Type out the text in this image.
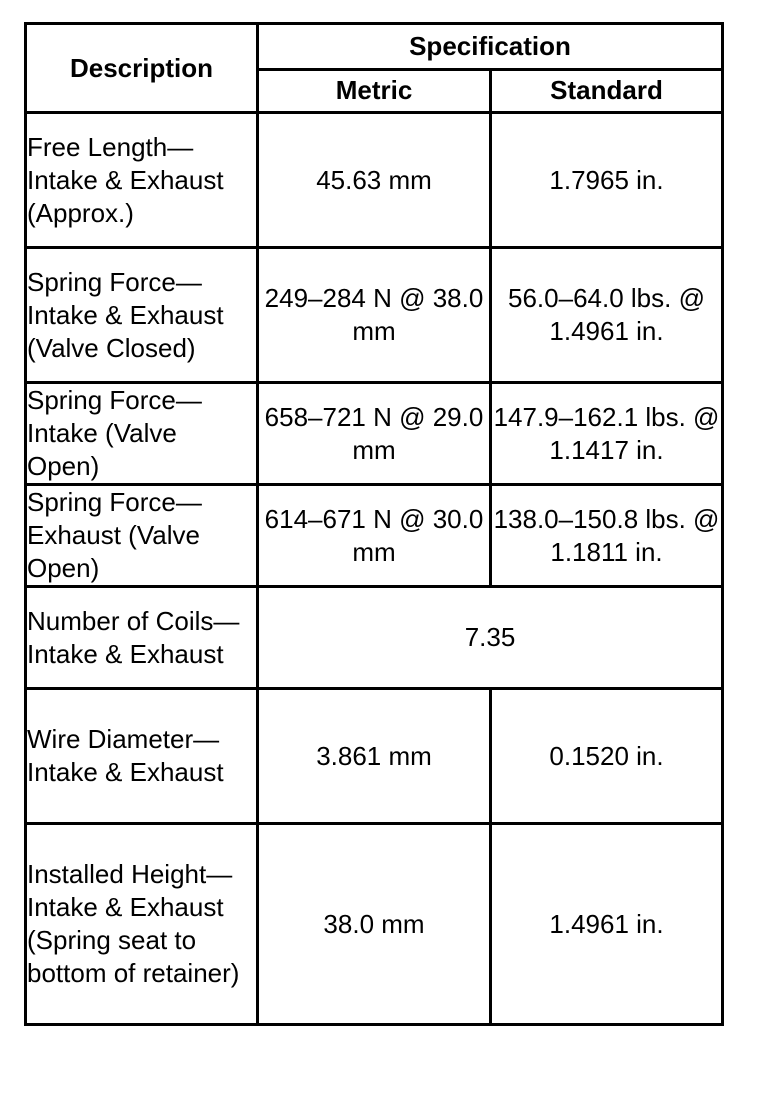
Description	Specification	
	Metric	Standard
Free Length—Intake & Exhaust (Approx.)	45.63 mm	1.7965 in.
Spring Force—Intake & Exhaust (Valve Closed)	249–284 N @ 38.0 mm	56.0–64.0 lbs. @ 1.4961 in.
Spring Force—Intake (Valve Open)	658–721 N @ 29.0 mm	147.9–162.1 lbs. @ 1.1417 in.
Spring Force—Exhaust (Valve Open)	614–671 N @ 30.0 mm	138.0–150.8 lbs. @ 1.1811 in.
Number of Coils—Intake & Exhaust	7.35	
Wire Diameter—Intake & Exhaust	3.861 mm	0.1520 in.
Installed Height—Intake & Exhaust (Spring seat to bottom of retainer)	38.0 mm	1.4961 in.
